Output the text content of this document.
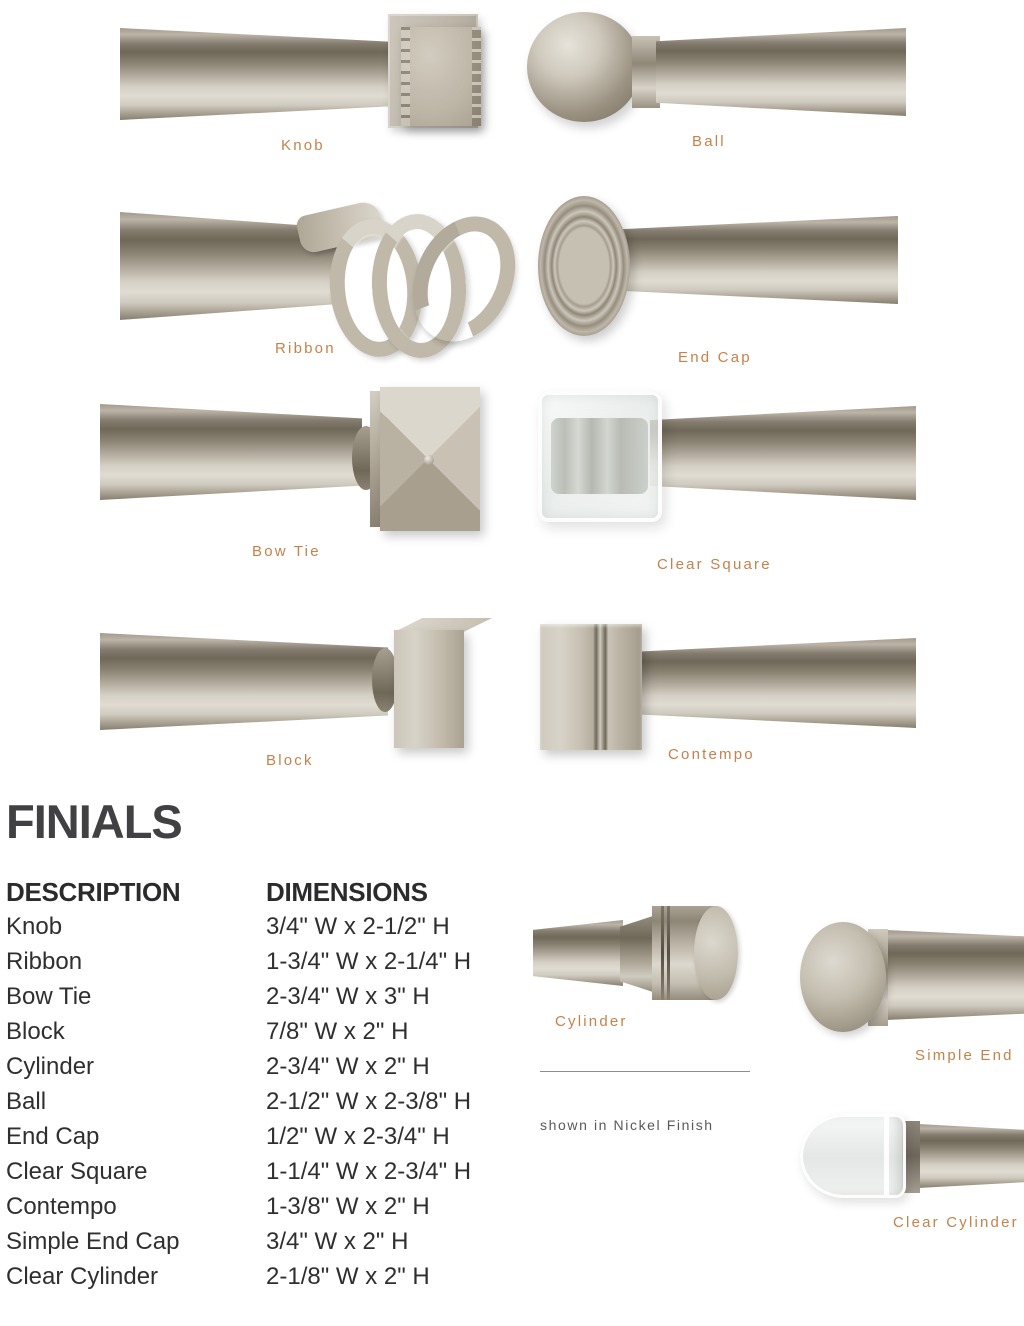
Knob	Ball
Ribbon
End Cap
Bow Tie
Clear Square
Block	Contempo
FINIALS
DESCRIPTION	DIMENSIONS
Knob	3/4" W x 2-1/2" H
Ribbon	1-3/4" W x 2-1/4" H
Bow Tie	2-3/4" W x 3" H
Block	7/8" W x 2" H
Cylinder	2-3/4" W x 2" H
Ball	2-1/2" W x 2-3/8" H
End Cap	1/2" W x 2-3/4" H
Clear Square	1-1/4" W x 2-3/4" H
Contempo	1-3/8" W x 2" H
Simple End Cap	3/4" W x 2" H
Clear Cylinder	2-1/8" W x 2" H
Cylinder
Simple End
shown in Nickel Finish
Clear Cylinder
